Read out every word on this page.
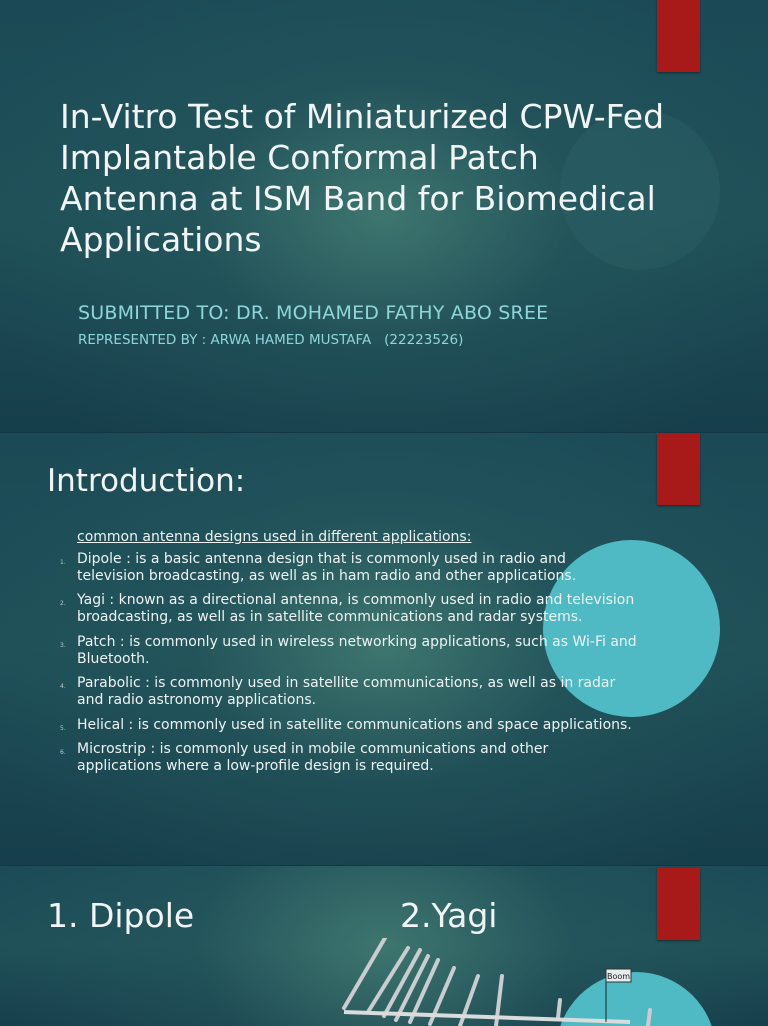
In-Vitro Test of Miniaturized CPW-Fed Implantable Conformal Patch Antenna at ISM Band for Biomedical Applications

SUBMITTED TO: DR. MOHAMED FATHY ABO SREE

REPRESENTED BY : ARWA HAMED MUSTAFA   (22223526)

Introduction:

common antenna designs used in different applications:

1. Dipole : is a basic antenna design that is commonly used in radio and television broadcasting, as well as in ham radio and other applications.
2. Yagi : known as a directional antenna, is commonly used in radio and television broadcasting, as well as in satellite communications and radar systems.
3. Patch : is commonly used in wireless networking applications, such as Wi-Fi and Bluetooth.
4. Parabolic : is commonly used in satellite communications, as well as in radar and radio astronomy applications.
5. Helical : is commonly used in satellite communications and space applications.
6. Microstrip : is commonly used in mobile communications and other applications where a low-profile design is required.
1. Dipole	2.Yagi
Boom
